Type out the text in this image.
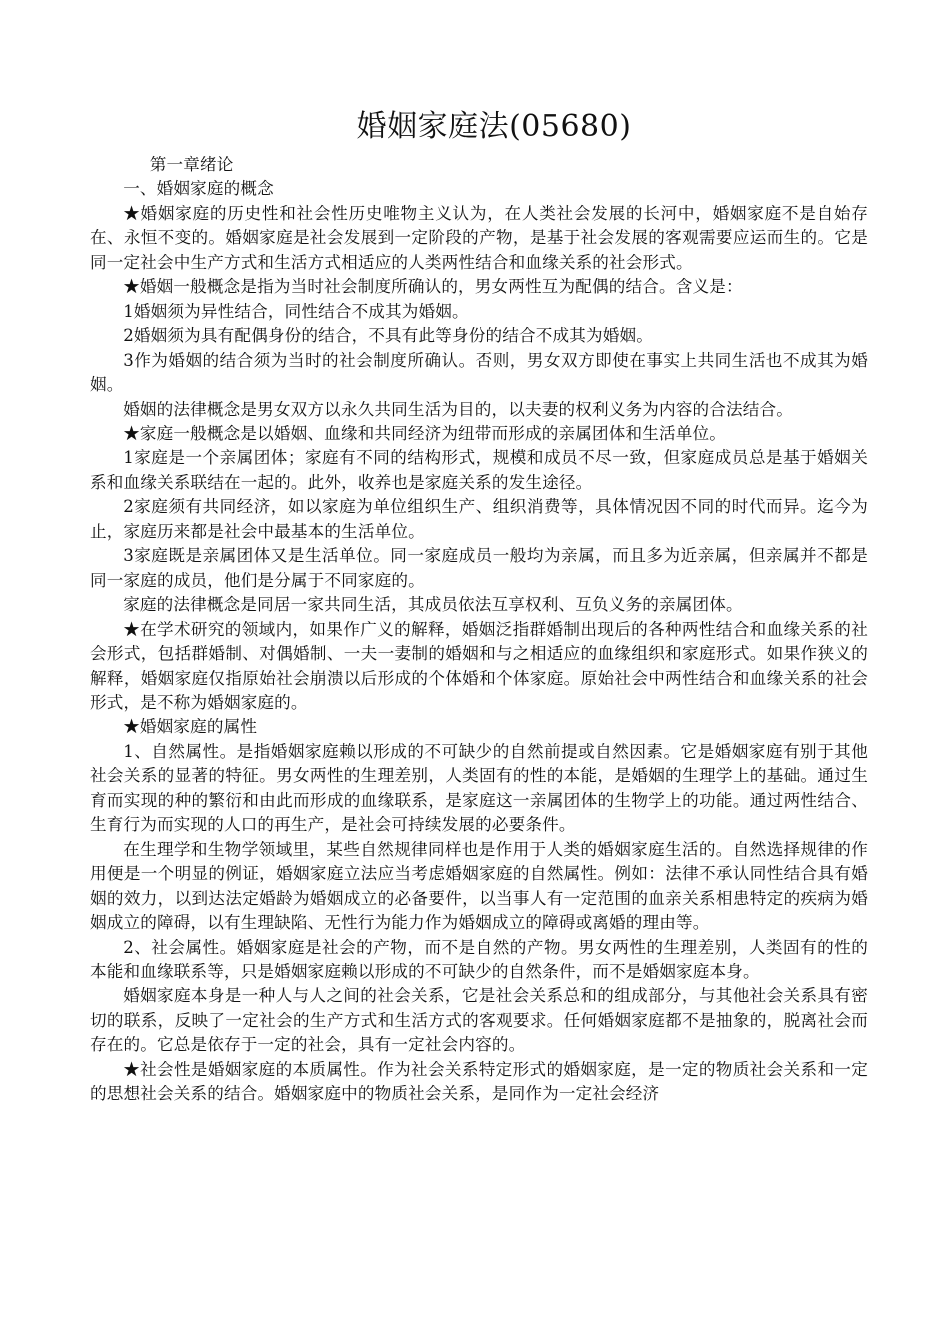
婚姻家庭法(05680)

第一章绪论

一、婚姻家庭的概念

★婚姻家庭的历史性和社会性历史唯物主义认为，在人类社会发展的长河中，婚姻家庭不是自始存在、永恒不变的。婚姻家庭是社会发展到一定阶段的产物，是基于社会发展的客观需要应运而生的。它是同一定社会中生产方式和生活方式相适应的人类两性结合和血缘关系的社会形式。

★婚姻一般概念是指为当时社会制度所确认的，男女两性互为配偶的结合。含义是：

1婚姻须为异性结合，同性结合不成其为婚姻。

2婚姻须为具有配偶身份的结合，不具有此等身份的结合不成其为婚姻。

3作为婚姻的结合须为当时的社会制度所确认。否则，男女双方即使在事实上共同生活也不成其为婚姻。

婚姻的法律概念是男女双方以永久共同生活为目的，以夫妻的权利义务为内容的合法结合。

★家庭一般概念是以婚姻、血缘和共同经济为纽带而形成的亲属团体和生活单位。

1家庭是一个亲属团体；家庭有不同的结构形式，规模和成员不尽一致，但家庭成员总是基于婚姻关系和血缘关系联结在一起的。此外，收养也是家庭关系的发生途径。

2家庭须有共同经济，如以家庭为单位组织生产、组织消费等，具体情况因不同的时代而异。迄今为止，家庭历来都是社会中最基本的生活单位。

3家庭既是亲属团体又是生活单位。同一家庭成员一般均为亲属，而且多为近亲属，但亲属并不都是同一家庭的成员，他们是分属于不同家庭的。

家庭的法律概念是同居一家共同生活，其成员依法互享权利、互负义务的亲属团体。

★在学术研究的领域内，如果作广义的解释，婚姻泛指群婚制出现后的各种两性结合和血缘关系的社会形式，包括群婚制、对偶婚制、一夫一妻制的婚姻和与之相适应的血缘组织和家庭形式。如果作狭义的解释，婚姻家庭仅指原始社会崩溃以后形成的个体婚和个体家庭。原始社会中两性结合和血缘关系的社会形式，是不称为婚姻家庭的。

★婚姻家庭的属性

1、自然属性。是指婚姻家庭赖以形成的不可缺少的自然前提或自然因素。它是婚姻家庭有别于其他社会关系的显著的特征。男女两性的生理差别，人类固有的性的本能，是婚姻的生理学上的基础。通过生育而实现的种的繁衍和由此而形成的血缘联系，是家庭这一亲属团体的生物学上的功能。通过两性结合、生育行为而实现的人口的再生产，是社会可持续发展的必要条件。

在生理学和生物学领域里，某些自然规律同样也是作用于人类的婚姻家庭生活的。自然选择规律的作用便是一个明显的例证，婚姻家庭立法应当考虑婚姻家庭的自然属性。例如：法律不承认同性结合具有婚姻的效力，以到达法定婚龄为婚姻成立的必备要件，以当事人有一定范围的血亲关系相患特定的疾病为婚姻成立的障碍，以有生理缺陷、无性行为能力作为婚姻成立的障碍或离婚的理由等。

2、社会属性。婚姻家庭是社会的产物，而不是自然的产物。男女两性的生理差别，人类固有的性的本能和血缘联系等，只是婚姻家庭赖以形成的不可缺少的自然条件，而不是婚姻家庭本身。

婚姻家庭本身是一种人与人之间的社会关系，它是社会关系总和的组成部分，与其他社会关系具有密切的联系，反映了一定社会的生产方式和生活方式的客观要求。任何婚姻家庭都不是抽象的，脱离社会而存在的。它总是依存于一定的社会，具有一定社会内容的。

★社会性是婚姻家庭的本质属性。作为社会关系特定形式的婚姻家庭，是一定的物质社会关系和一定的思想社会关系的结合。婚姻家庭中的物质社会关系，是同作为一定社会经济
